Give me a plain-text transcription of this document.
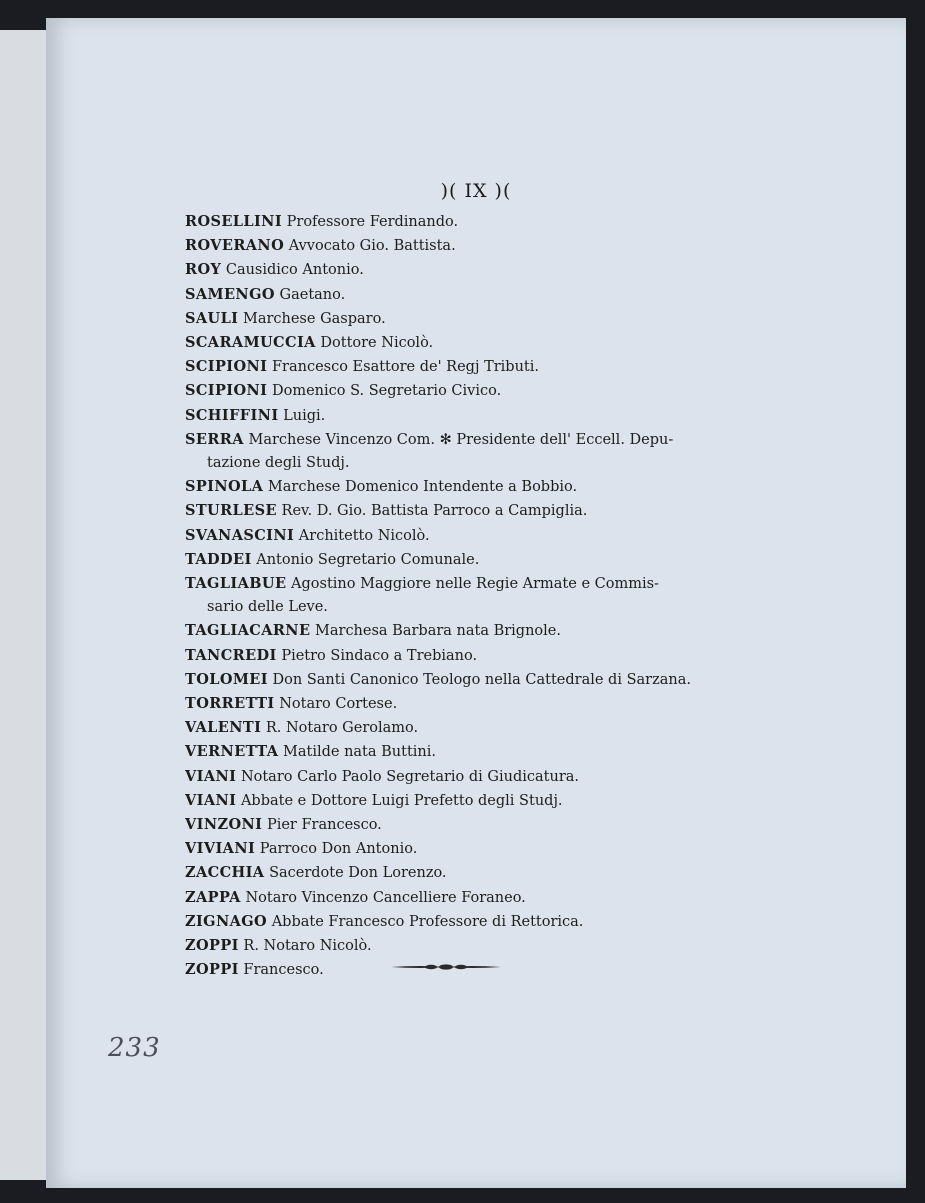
)( IX )(
ROSELLINI Professore Ferdinando.
ROVERANO Avvocato Gio. Battista.
ROY Causidico Antonio.
SAMENGO Gaetano.
SAULI Marchese Gasparo.
SCARAMUCCIA Dottore Nicolò.
SCIPIONI Francesco Esattore de' Regj Tributi.
SCIPIONI Domenico S. Segretario Civico.
SCHIFFINI Luigi.
SERRA Marchese Vincenzo Com. ✻ Presidente dell' Eccell. Depu-
tazione degli Studj.
SPINOLA Marchese Domenico Intendente a Bobbio.
STURLESE Rev. D. Gio. Battista Parroco a Campiglia.
SVANASCINI Architetto Nicolò.
TADDEI Antonio Segretario Comunale.
TAGLIABUE Agostino Maggiore nelle Regie Armate e Commis-
sario delle Leve.
TAGLIACARNE Marchesa Barbara nata Brignole.
TANCREDI Pietro Sindaco a Trebiano.
TOLOMEI Don Santi Canonico Teologo nella Cattedrale di Sarzana.
TORRETTI Notaro Cortese.
VALENTI R. Notaro Gerolamo.
VERNETTA Matilde nata Buttini.
VIANI Notaro Carlo Paolo Segretario di Giudicatura.
VIANI Abbate e Dottore Luigi Prefetto degli Studj.
VINZONI Pier Francesco.
VIVIANI Parroco Don Antonio.
ZACCHIA Sacerdote Don Lorenzo.
ZAPPA Notaro Vincenzo Cancelliere Foraneo.
ZIGNAGO Abbate Francesco Professore di Rettorica.
ZOPPI R. Notaro Nicolò.
ZOPPI Francesco.
233
